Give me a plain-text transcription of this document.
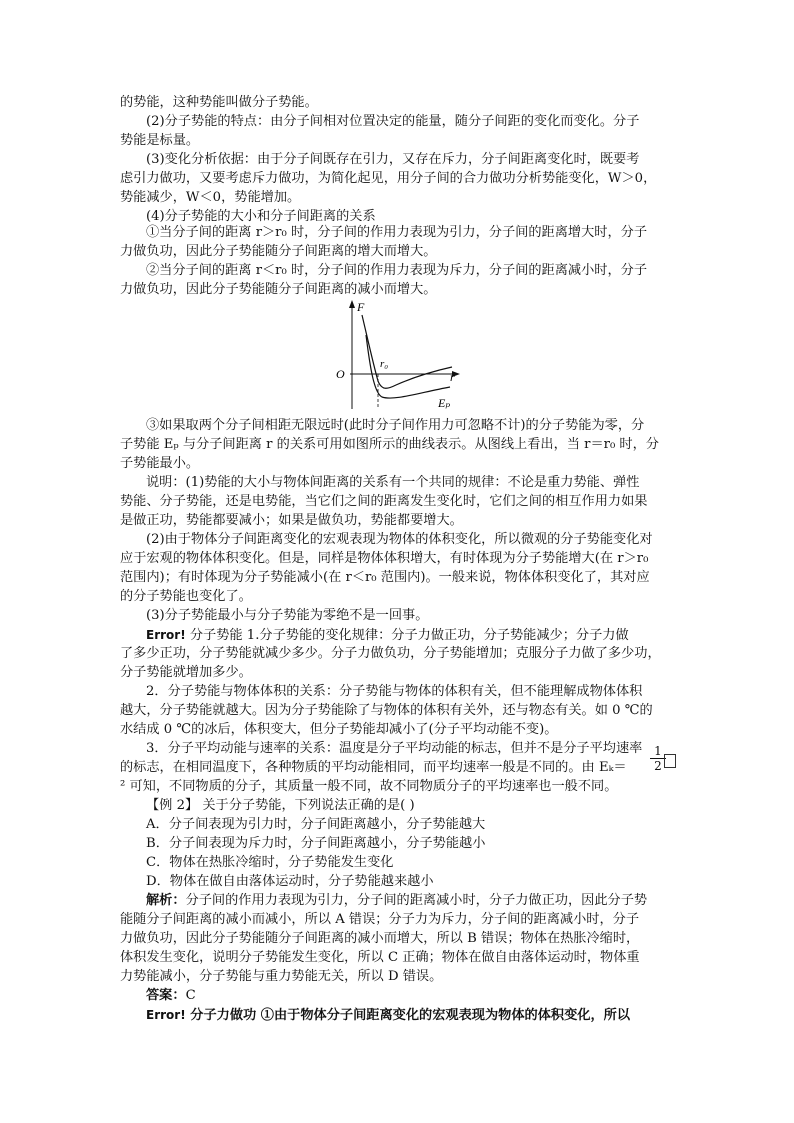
的势能，这种势能叫做分子势能。
(2)分子势能的特点：由分子间相对位置决定的能量，随分子间距的变化而变化。分子
势能是标量。
(3)变化分析依据：由于分子间既存在引力，又存在斥力，分子间距离变化时，既要考
虑引力做功，又要考虑斥力做功，为简化起见，用分子间的合力做功分析势能变化，W＞0，
势能减少，W＜0，势能增加。
(4)分子势能的大小和分子间距离的关系
①当分子间的距离 r＞r₀ 时，分子间的作用力表现为引力，分子间的距离增大时，分子
力做负功，因此分子势能随分子间距离的增大而增大。
②当分子间的距离 r＜r₀ 时，分子间的作用力表现为斥力，分子间的距离减小时，分子
力做负功，因此分子势能随分子间距离的减小而增大。
F
O
r₀
r
Eₚ
③如果取两个分子间相距无限远时(此时分子间作用力可忽略不计)的分子势能为零，分
子势能 Eₚ 与分子间距离 r 的关系可用如图所示的曲线表示。从图线上看出，当 r＝r₀ 时，分
子势能最小。
说明：(1)势能的大小与物体间距离的关系有一个共同的规律：不论是重力势能、弹性
势能、分子势能，还是电势能，当它们之间的距离发生变化时，它们之间的相互作用力如果
是做正功，势能都要减小；如果是做负功，势能都要增大。
(2)由于物体分子间距离变化的宏观表现为物体的体积变化，所以微观的分子势能变化对
应于宏观的物体体积变化。但是，同样是物体体积增大，有时体现为分子势能增大(在 r＞r₀
范围内)；有时体现为分子势能减小(在 r＜r₀ 范围内)。一般来说，物体体积变化了，其对应
的分子势能也变化了。
(3)分子势能最小与分子势能为零绝不是一回事。
Error! 分子势能 1.分子势能的变化规律：分子力做正功，分子势能减少；分子力做
了多少正功，分子势能就减少多少。分子力做负功，分子势能增加；克服分子力做了多少功，
分子势能就增加多少。
2．分子势能与物体体积的关系：分子势能与物体的体积有关，但不能理解成物体体积
越大，分子势能就越大。因为分子势能除了与物体的体积有关外，还与物态有关。如 0 ℃的
水结成 0 ℃的冰后，体积变大，但分子势能却减小了(分子平均动能不变)。
3．分子平均动能与速率的关系：温度是分子平均动能的标志，但并不是分子平均速率
的标志，在相同温度下，各种物质的平均动能相同，而平均速率一般是不同的。由 Eₖ＝
1
2
² 可知，不同物质的分子，其质量一般不同，故不同物质分子的平均速率也一般不同。
【例 2】 关于分子势能，下列说法正确的是( )
A．分子间表现为引力时，分子间距离越小，分子势能越大
B．分子间表现为斥力时，分子间距离越小，分子势能越小
C．物体在热胀冷缩时，分子势能发生变化
D．物体在做自由落体运动时，分子势能越来越小
解析：分子间的作用力表现为引力，分子间的距离减小时，分子力做正功，因此分子势
能随分子间距离的减小而减小，所以 A 错误；分子力为斥力，分子间的距离减小时，分子
力做负功，因此分子势能随分子间距离的减小而增大，所以 B 错误；物体在热胀冷缩时，
体积发生变化，说明分子势能发生变化，所以 C 正确；物体在做自由落体运动时，物体重
力势能减小，分子势能与重力势能无关，所以 D 错误。
答案：C
Error! 分子力做功 ①由于物体分子间距离变化的宏观表现为物体的体积变化，所以
